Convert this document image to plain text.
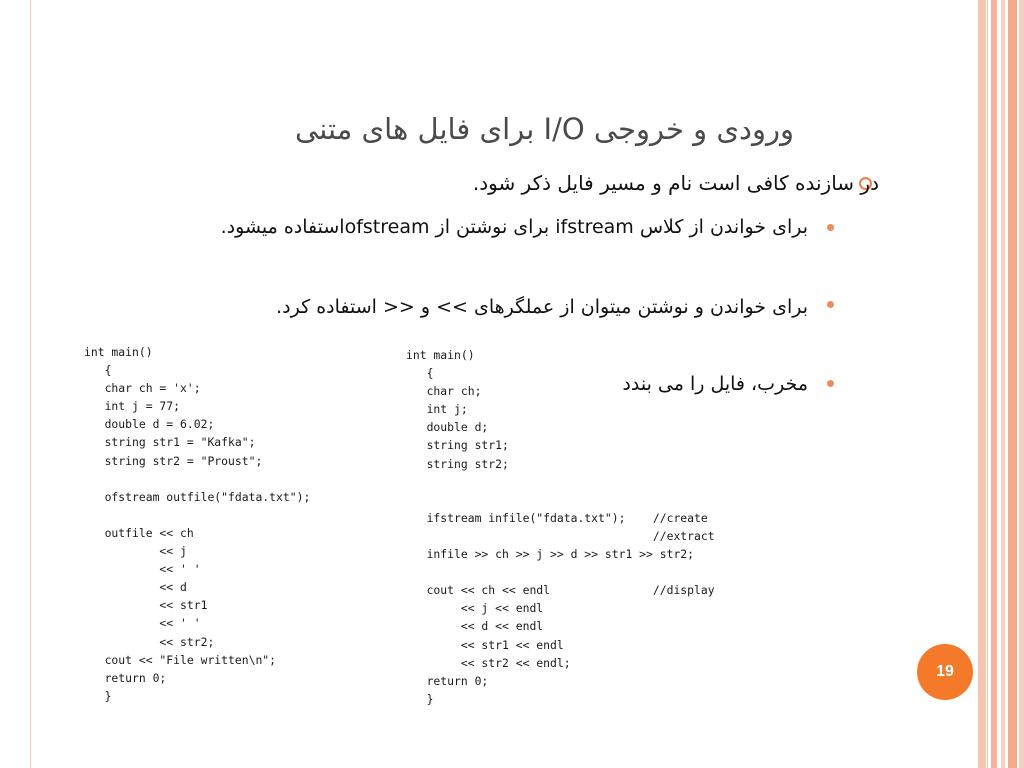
ورودی و خروجی I/O برای فایل های متنی
در سازنده کافی است نام و مسیر فایل ذکر شود.
برای خواندن از کلاس ifstream برای نوشتن از ofstreamاستفاده میشود.
برای خواندن و نوشتن میتوان از عملگرهای >> و << استفاده کرد.
مخرب، فایل را می بندد
int main()
{
char ch = 'x';
int j = 77;
double d = 6.02;
string str1 = "Kafka";
string str2 = "Proust";

ofstream outfile("fdata.txt");

outfile << ch
<< j
<< ' '
<< d
<< str1
<< ' '
<< str2;
cout << "File written\n";
return 0;
}
int main()
{
char ch;
int j;
double d;
string str1;
string str2;

ifstream infile("fdata.txt");    //create
//extract
infile >> ch >> j >> d >> str1 >> str2;

cout << ch << endl               //display
<< j << endl
<< d << endl
<< str1 << endl
<< str2 << endl;
return 0;
}
19
